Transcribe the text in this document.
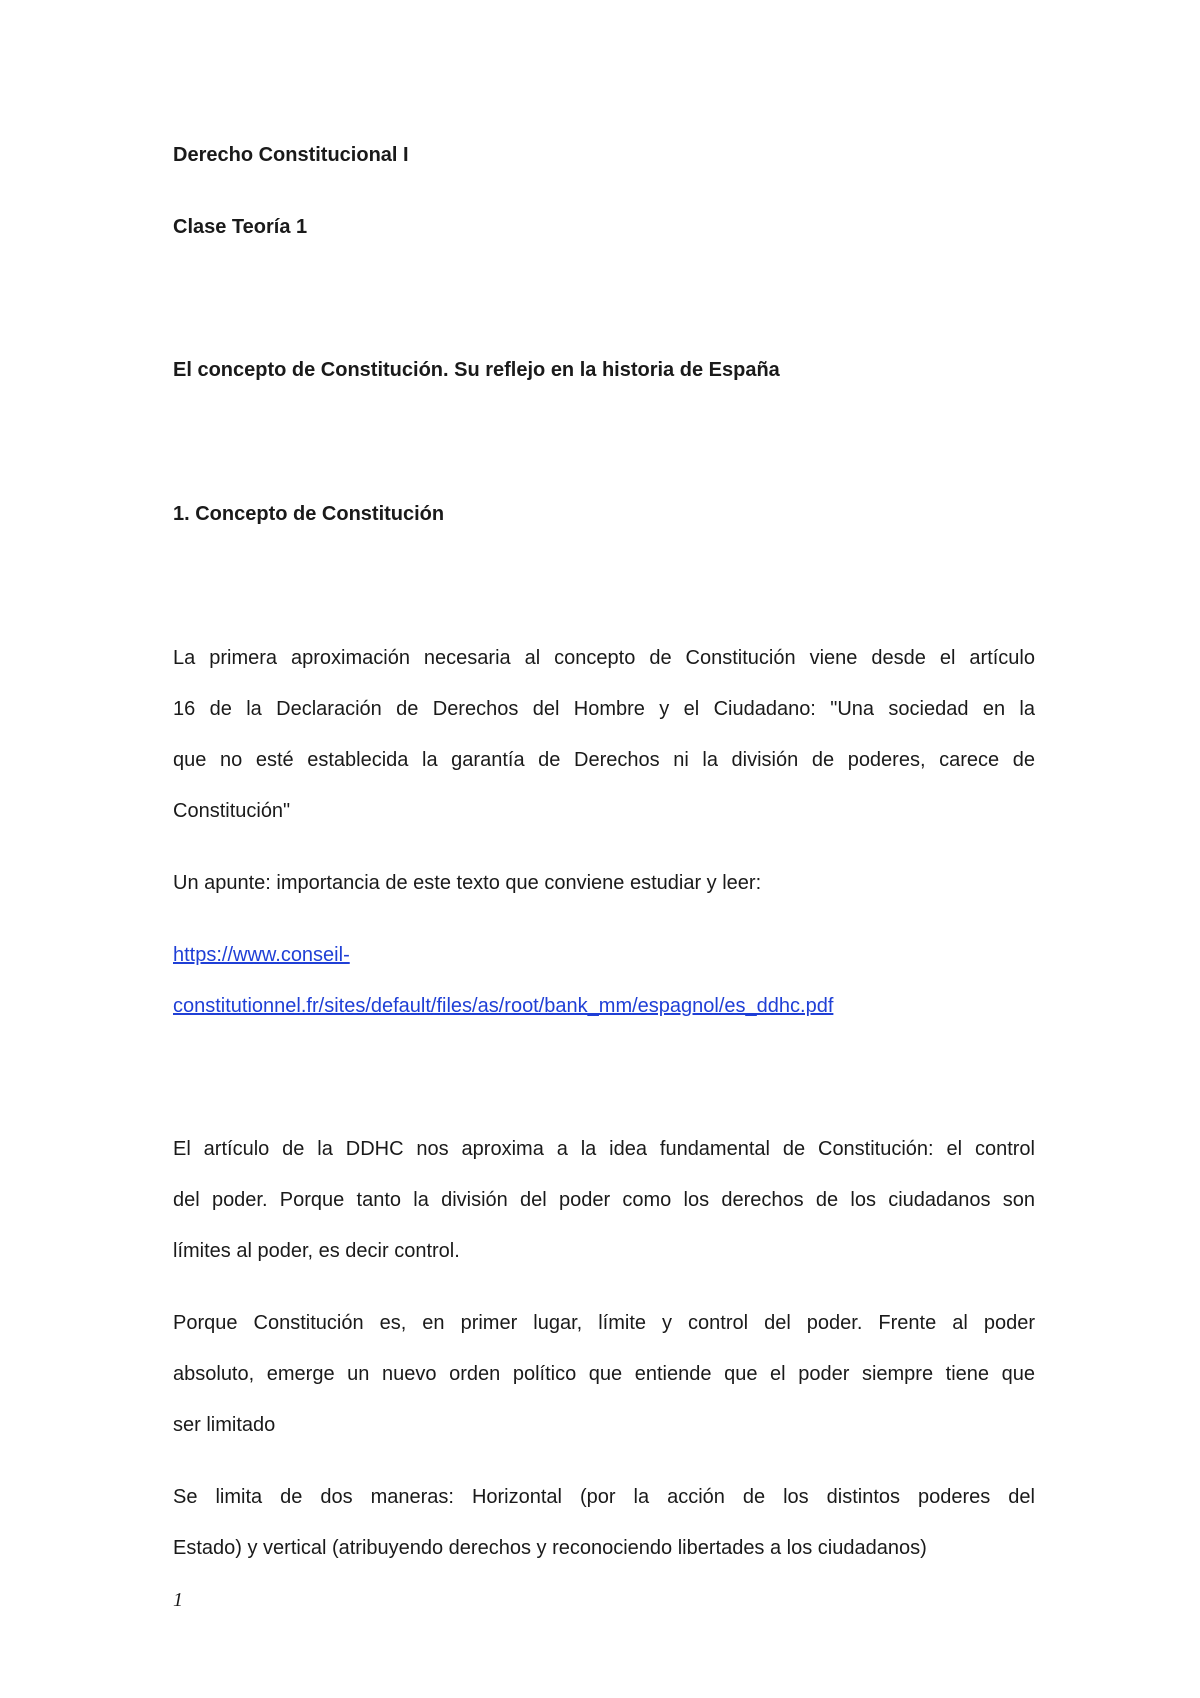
Derecho Constitucional I

Clase Teoría 1

El concepto de Constitución. Su reflejo en la historia de España

1. Concepto de Constitución

La primera aproximación necesaria al concepto de Constitución viene desde el artículo

16 de la Declaración de Derechos del Hombre y el Ciudadano: "Una sociedad en la

que no esté establecida la garantía de Derechos ni la división de poderes, carece de

Constitución"

Un apunte: importancia de este texto que conviene estudiar y leer:

https://www.conseil-
constitutionnel.fr/sites/default/files/as/root/bank_mm/espagnol/es_ddhc.pdf

El artículo de la DDHC nos aproxima a la idea fundamental de Constitución: el control

del poder. Porque tanto la división del poder como los derechos de los ciudadanos son

límites al poder, es decir control.

Porque Constitución es, en primer lugar, límite y control del poder. Frente al poder

absoluto, emerge un nuevo orden político que entiende que el poder siempre tiene que

ser limitado

Se limita de dos maneras: Horizontal (por la acción de los distintos poderes del

Estado) y vertical (atribuyendo derechos y reconociendo libertades a los ciudadanos)

1
